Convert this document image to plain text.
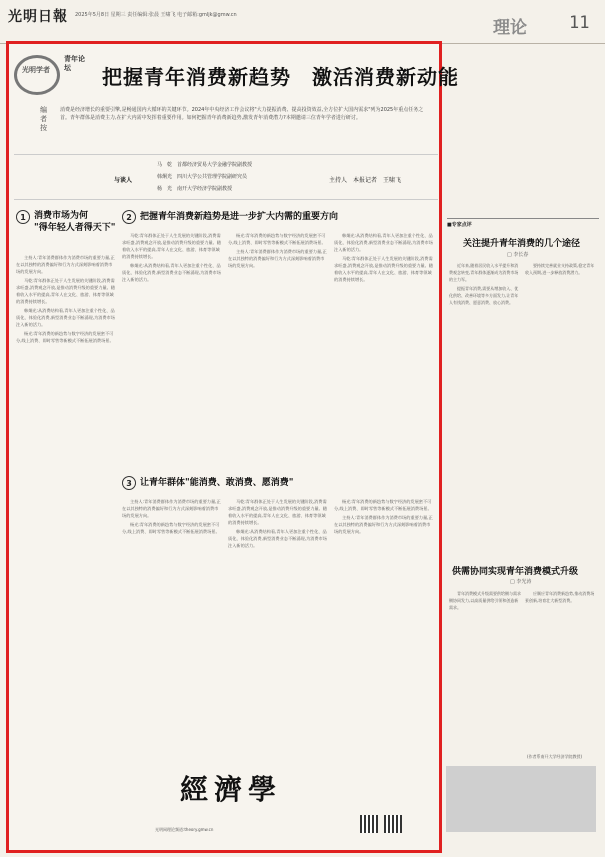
光明日報 2025年5月8日 星期三 责任编辑:张晨 王啸飞 电子邮箱:gmljk@gmw.cn
理论 11
光明学者
青年论坛	把握青年消费新趋势　激活消费新动能
编者按
消费是经济增长的重要引擎,是畅通国内大循环的关键环节。2024年中央经济工作会议将"大力提振消费、提高投资效益,全方位扩大国内需求"列为2025年重点任务之首。青年群体是消费主力,在扩大内需中发挥着重要作用。如何把握青年消费新趋势,激发青年消费潜力?本期邀请三位青年学者进行研讨。
与谈人
马　乾　首都经济贸易大学金融学院副教授
韩炯光　四川大学公共管理学院副研究员
杨　光　南开大学经济学院副教授
主持人　本报记者　王啸飞
1 消费市场为何
"得年轻人者得天下"

主持人:青年消费群体作为消费市场的重要力量,正在以其独特的消费偏好和行为方式深刻影响着消费市场的发展方向。

马乾:青年群体正处于人生发展的关键阶段,消费需求旺盛,消费观念开放,是推动消费升级的重要力量。随着收入水平的提高,青年人在文化、旅游、体育等领域的消费持续增长。

韩炯光:从消费结构看,青年人更加注重个性化、品质化、体验化消费,新型消费业态不断涌现,为消费市场注入新的活力。

杨光:青年消费的新趋势与数字经济的发展密不可分,线上消费、即时零售等新模式不断拓展消费场景。

2 把握青年消费新趋势是进一步扩大内需的重要方向

马乾:青年群体正处于人生发展的关键阶段,消费需求旺盛,消费观念开放,是推动消费升级的重要力量。随着收入水平的提高,青年人在文化、旅游、体育等领域的消费持续增长。

韩炯光:从消费结构看,青年人更加注重个性化、品质化、体验化消费,新型消费业态不断涌现,为消费市场注入新的活力。

杨光:青年消费的新趋势与数字经济的发展密不可分,线上消费、即时零售等新模式不断拓展消费场景。

主持人:青年消费群体作为消费市场的重要力量,正在以其独特的消费偏好和行为方式深刻影响着消费市场的发展方向。

韩炯光:从消费结构看,青年人更加注重个性化、品质化、体验化消费,新型消费业态不断涌现,为消费市场注入新的活力。

马乾:青年群体正处于人生发展的关键阶段,消费需求旺盛,消费观念开放,是推动消费升级的重要力量。随着收入水平的提高,青年人在文化、旅游、体育等领域的消费持续增长。

3 让青年群体"能消费、敢消费、愿消费"

主持人:青年消费群体作为消费市场的重要力量,正在以其独特的消费偏好和行为方式深刻影响着消费市场的发展方向。

杨光:青年消费的新趋势与数字经济的发展密不可分,线上消费、即时零售等新模式不断拓展消费场景。

马乾:青年群体正处于人生发展的关键阶段,消费需求旺盛,消费观念开放,是推动消费升级的重要力量。随着收入水平的提高,青年人在文化、旅游、体育等领域的消费持续增长。

韩炯光:从消费结构看,青年人更加注重个性化、品质化、体验化消费,新型消费业态不断涌现,为消费市场注入新的活力。

杨光:青年消费的新趋势与数字经济的发展密不可分,线上消费、即时零售等新模式不断拓展消费场景。

主持人:青年消费群体作为消费市场的重要力量,正在以其独特的消费偏好和行为方式深刻影响着消费市场的发展方向。

■专家点评
关注提升青年消费的几个途径
□ 李长春

近年来,随着居民收入水平提升和消费观念转变,青年群体逐渐成为消费市场的主力军。

提振青年消费,需要从增加收入、优化供给、改善环境等多方面发力,让青年人有钱消费、愿意消费、放心消费。

要持续完善就业支持政策,稳定青年收入预期,进一步释放消费潜力。

供需协同实现青年消费模式升级
□ 李光涛

青年消费模式升级需要供给侧与需求侧协同发力,以高质量供给引领和创造新需求。

应顺应青年消费新趋势,推动消费场景创新,培育壮大新型消费。

(作者系南开大学经济学院教授)
經濟學
光明网理论频道:theory.gmw.cn
